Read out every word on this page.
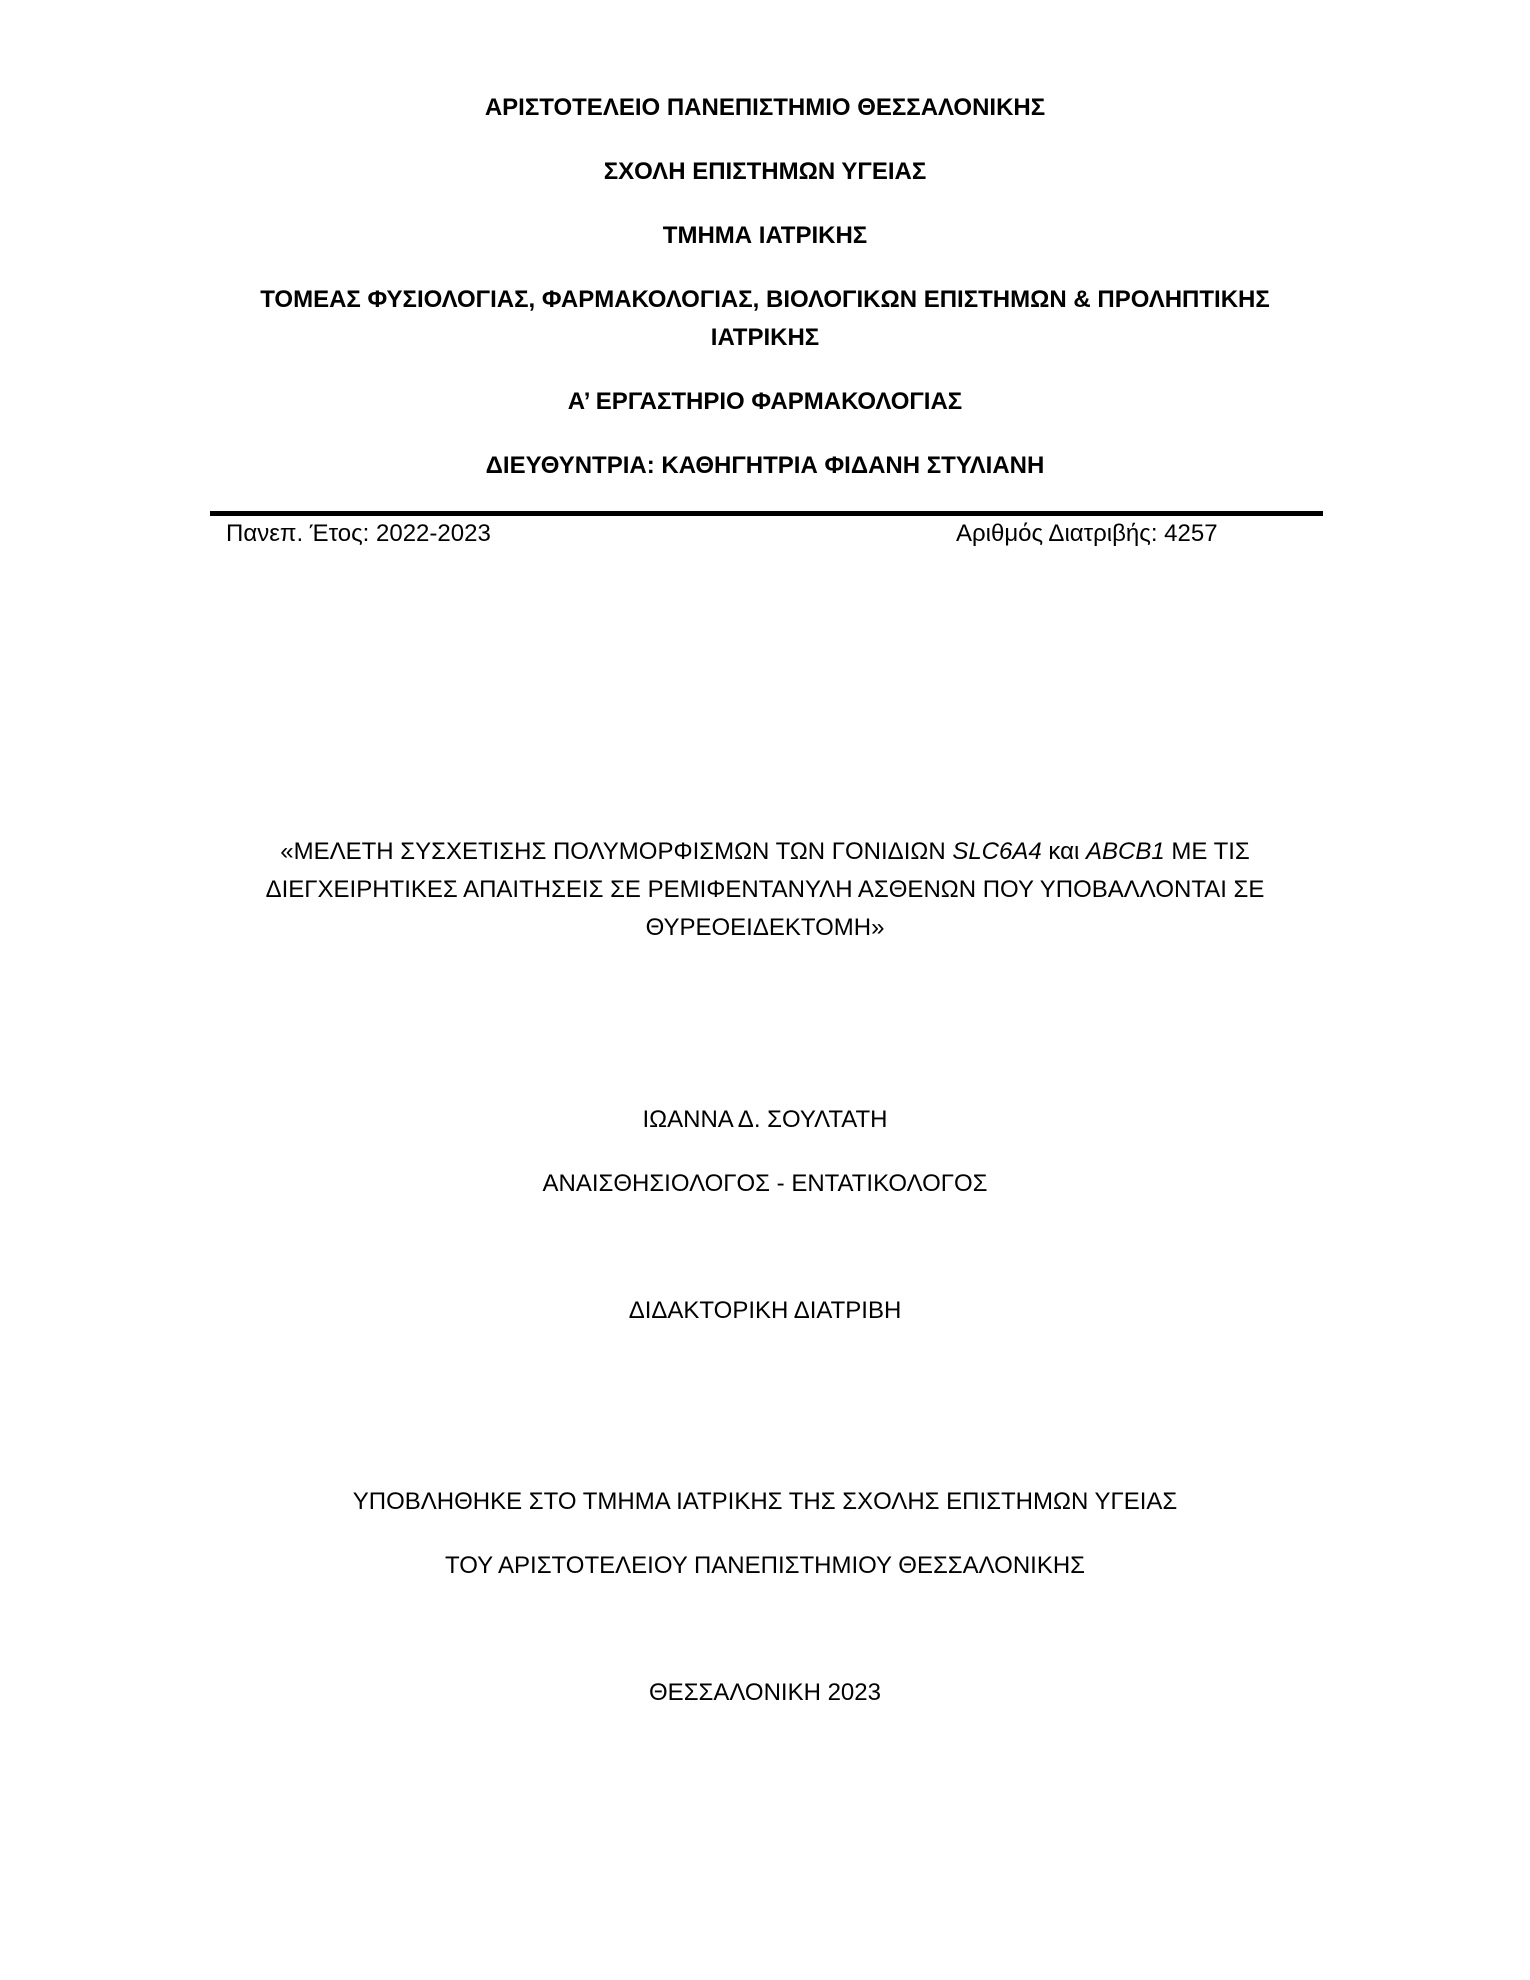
ΑΡΙΣΤΟΤΕΛΕΙΟ ΠΑΝΕΠΙΣΤΗΜΙΟ ΘΕΣΣΑΛΟΝΙΚΗΣ
ΣΧΟΛΗ ΕΠΙΣΤΗΜΩΝ ΥΓΕΙΑΣ
ΤΜΗΜΑ ΙΑΤΡΙΚΗΣ
ΤΟΜΕΑΣ ΦΥΣΙΟΛΟΓΙΑΣ, ΦΑΡΜΑΚΟΛΟΓΙΑΣ, ΒΙΟΛΟΓΙΚΩΝ ΕΠΙΣΤΗΜΩΝ & ΠΡΟΛΗΠΤΙΚΗΣ
ΙΑΤΡΙΚΗΣ
Α’ ΕΡΓΑΣΤΗΡΙΟ ΦΑΡΜΑΚΟΛΟΓΙΑΣ
ΔΙΕΥΘΥΝΤΡΙΑ: ΚΑΘΗΓΗΤΡΙΑ ΦΙΔΑΝΗ ΣΤΥΛΙΑΝΗ
Πανεπ. Έτος: 2022-2023	Αριθμός Διατριβής: 4257
«ΜΕΛΕΤΗ ΣΥΣΧΕΤΙΣΗΣ ΠΟΛΥΜΟΡΦΙΣΜΩΝ ΤΩΝ ΓΟΝΙΔΙΩΝ SLC6A4 και ABCB1 ΜΕ ΤΙΣ
ΔΙΕΓΧΕΙΡΗΤΙΚΕΣ ΑΠΑΙΤΗΣΕΙΣ ΣΕ ΡΕΜΙΦΕΝΤΑΝΥΛΗ ΑΣΘΕΝΩΝ ΠΟΥ ΥΠΟΒΑΛΛΟΝΤΑΙ ΣΕ
ΘΥΡΕΟΕΙΔΕΚΤΟΜΗ»
ΙΩΑΝΝΑ Δ. ΣΟΥΛΤΑΤΗ
ΑΝΑΙΣΘΗΣΙΟΛΟΓΟΣ - ΕΝΤΑΤΙΚΟΛΟΓΟΣ
ΔΙΔΑΚΤΟΡΙΚΗ ΔΙΑΤΡΙΒΗ
ΥΠΟΒΛΗΘΗΚΕ ΣΤΟ ΤΜΗΜΑ ΙΑΤΡΙΚΗΣ ΤΗΣ ΣΧΟΛΗΣ ΕΠΙΣΤΗΜΩΝ ΥΓΕΙΑΣ
ΤΟΥ ΑΡΙΣΤΟΤΕΛΕΙΟΥ ΠΑΝΕΠΙΣΤΗΜΙΟΥ ΘΕΣΣΑΛΟΝΙΚΗΣ
ΘΕΣΣΑΛΟΝΙΚΗ 2023
